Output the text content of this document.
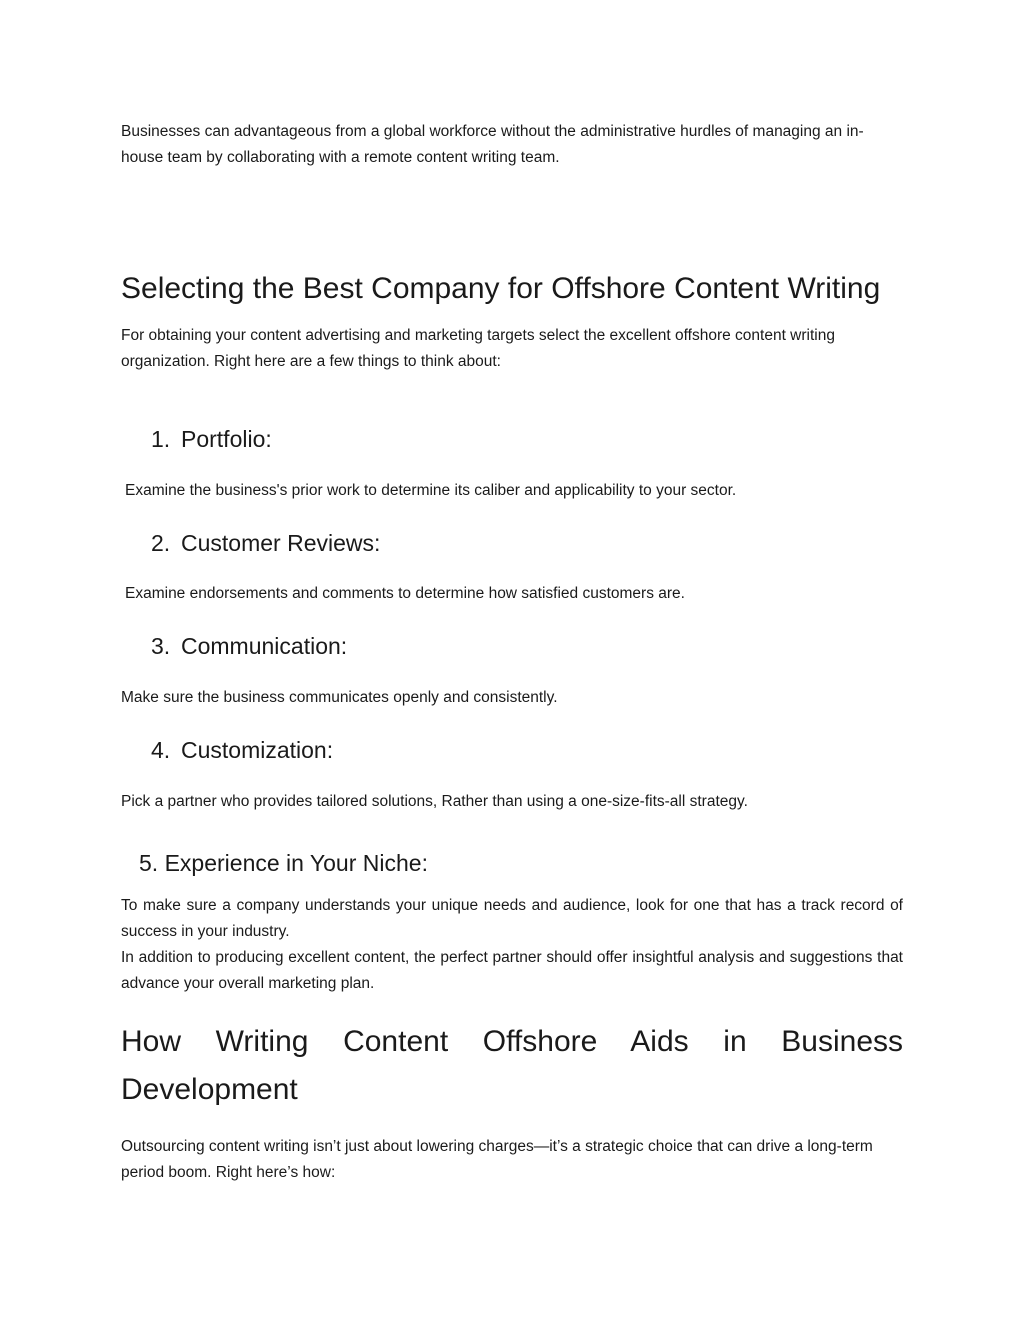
Businesses can advantageous from a global workforce without the administrative hurdles of managing an in-house team by collaborating with a remote content writing team.

Selecting the Best Company for Offshore Content Writing

For obtaining your content advertising and marketing targets select the excellent offshore content writing organization. Right here are a few things to think about:

1. Portfolio:

Examine the business's prior work to determine its caliber and applicability to your sector.

2. Customer Reviews:

Examine endorsements and comments to determine how satisfied customers are.

3. Communication:

Make sure the business communicates openly and consistently.

4. Customization:

Pick a partner who provides tailored solutions, Rather than using a one-size-fits-all strategy.

5. Experience in Your Niche:

To make sure a company understands your unique needs and audience, look for one that has a track record of success in your industry.

In addition to producing excellent content, the perfect partner should offer insightful analysis and suggestions that advance your overall marketing plan.

How Writing Content Offshore Aids in Business Development

Outsourcing content writing isn’t just about lowering charges—it’s a strategic choice that can drive a long-term period boom. Right here’s how:
